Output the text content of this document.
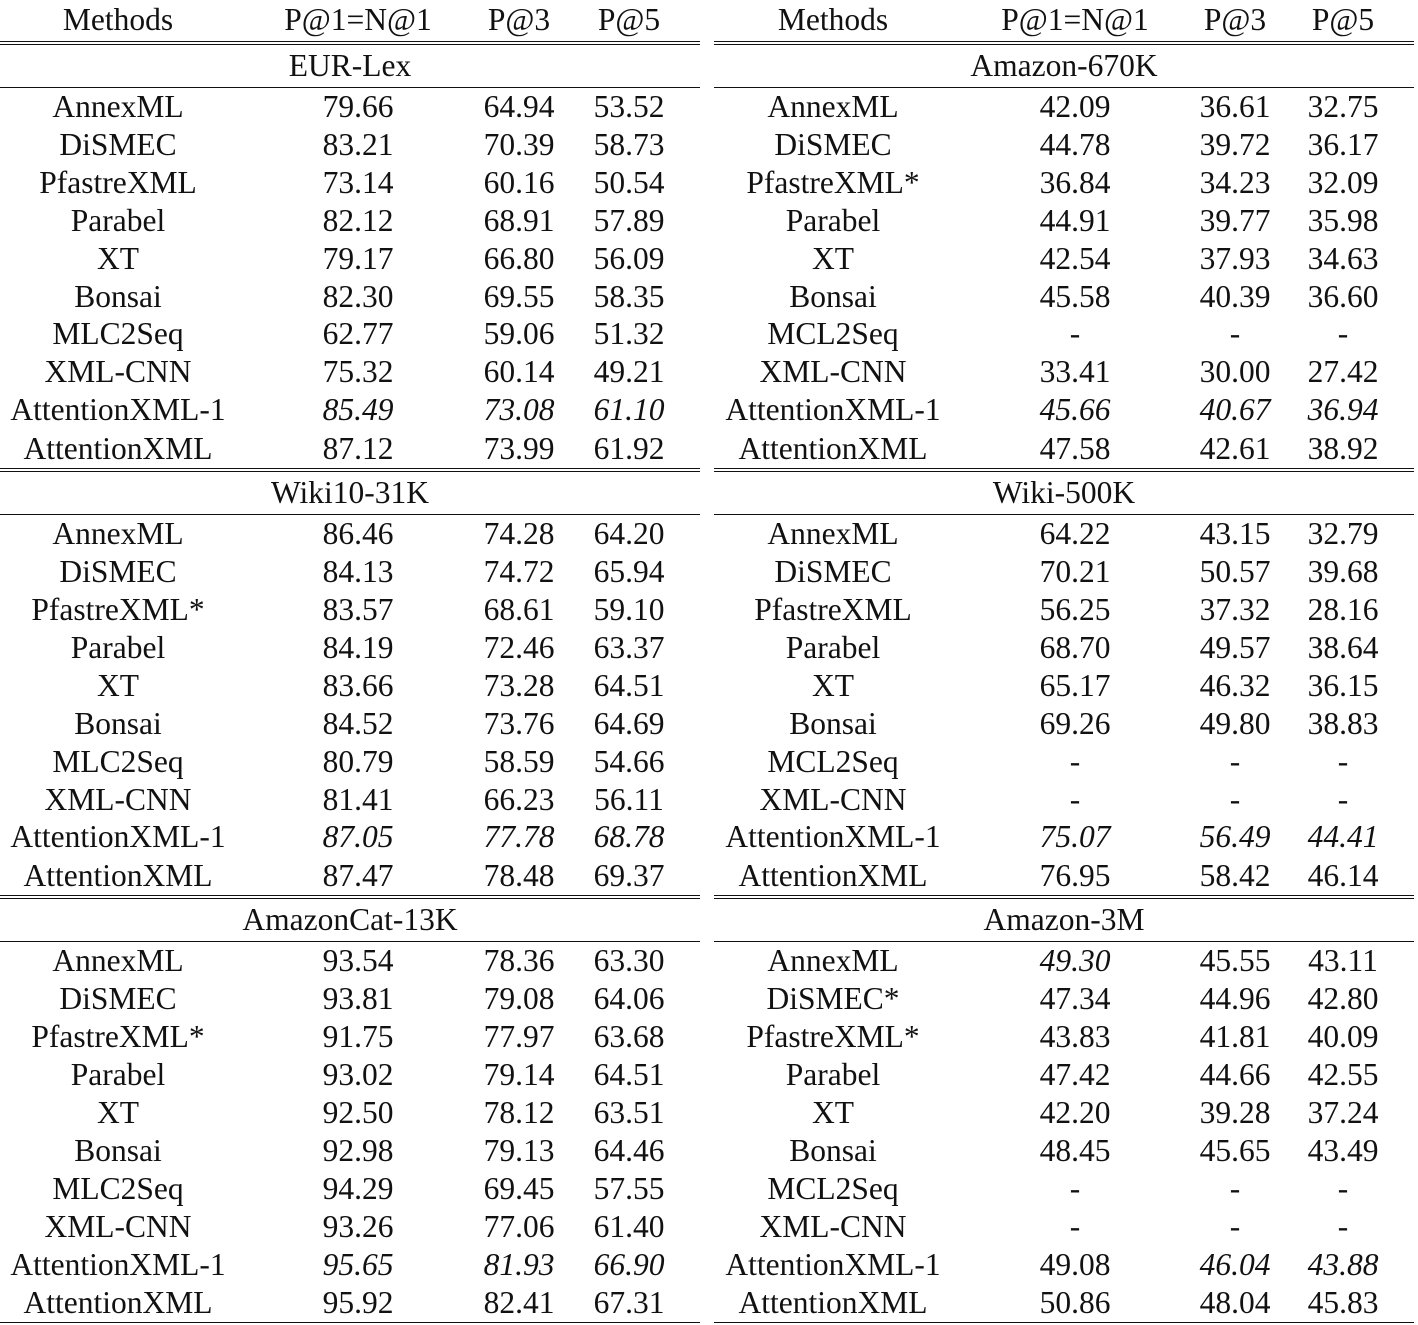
Methods	P@1=N@1	P@3	P@5
EUR-Lex			
AnnexML	79.66	64.94	53.52
DiSMEC	83.21	70.39	58.73
PfastreXML	73.14	60.16	50.54
Parabel	82.12	68.91	57.89
XT	79.17	66.80	56.09
Bonsai	82.30	69.55	58.35
MLC2Seq	62.77	59.06	51.32
XML-CNN	75.32	60.14	49.21
AttentionXML-1	85.49	73.08	61.10
AttentionXML	87.12	73.99	61.92
Wiki10-31K			
AnnexML	86.46	74.28	64.20
DiSMEC	84.13	74.72	65.94
PfastreXML*	83.57	68.61	59.10
Parabel	84.19	72.46	63.37
XT	83.66	73.28	64.51
Bonsai	84.52	73.76	64.69
MLC2Seq	80.79	58.59	54.66
XML-CNN	81.41	66.23	56.11
AttentionXML-1	87.05	77.78	68.78
AttentionXML	87.47	78.48	69.37
AmazonCat-13K			
AnnexML	93.54	78.36	63.30
DiSMEC	93.81	79.08	64.06
PfastreXML*	91.75	77.97	63.68
Parabel	93.02	79.14	64.51
XT	92.50	78.12	63.51
Bonsai	92.98	79.13	64.46
MLC2Seq	94.29	69.45	57.55
XML-CNN	93.26	77.06	61.40
AttentionXML-1	95.65	81.93	66.90
AttentionXML	95.92	82.41	67.31
Methods	P@1=N@1	P@3	P@5
Amazon-670K			
AnnexML	42.09	36.61	32.75
DiSMEC	44.78	39.72	36.17
PfastreXML*	36.84	34.23	32.09
Parabel	44.91	39.77	35.98
XT	42.54	37.93	34.63
Bonsai	45.58	40.39	36.60
MCL2Seq	-	-	-
XML-CNN	33.41	30.00	27.42
AttentionXML-1	45.66	40.67	36.94
AttentionXML	47.58	42.61	38.92
Wiki-500K			
AnnexML	64.22	43.15	32.79
DiSMEC	70.21	50.57	39.68
PfastreXML	56.25	37.32	28.16
Parabel	68.70	49.57	38.64
XT	65.17	46.32	36.15
Bonsai	69.26	49.80	38.83
MCL2Seq	-	-	-
XML-CNN	-	-	-
AttentionXML-1	75.07	56.49	44.41
AttentionXML	76.95	58.42	46.14
Amazon-3M			
AnnexML	49.30	45.55	43.11
DiSMEC*	47.34	44.96	42.80
PfastreXML*	43.83	41.81	40.09
Parabel	47.42	44.66	42.55
XT	42.20	39.28	37.24
Bonsai	48.45	45.65	43.49
MCL2Seq	-	-	-
XML-CNN	-	-	-
AttentionXML-1	49.08	46.04	43.88
AttentionXML	50.86	48.04	45.83
